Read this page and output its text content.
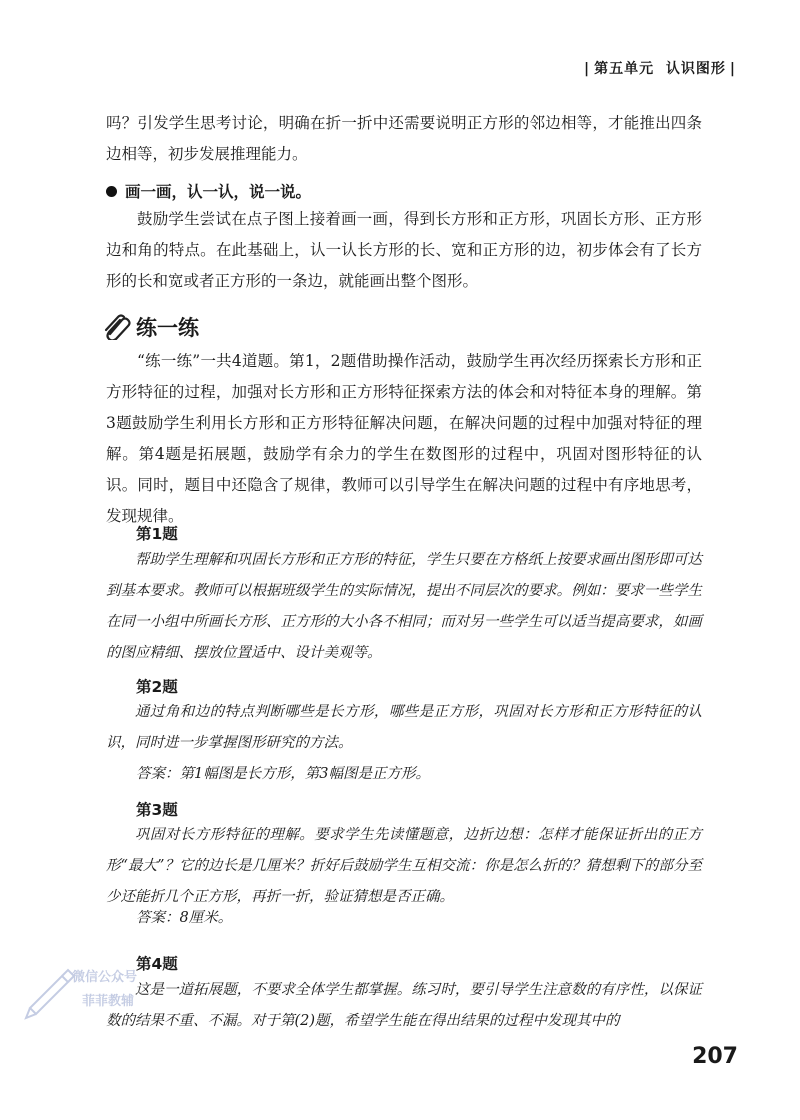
| 第五单元 认识图形 |
吗？引发学生思考讨论，明确在折一折中还需要说明正方形的邻边相等，才能推出四条边相等，初步发展推理能力。
画一画，认一认，说一说。
鼓励学生尝试在点子图上接着画一画，得到长方形和正方形，巩固长方形、正方形边和角的特点。在此基础上，认一认长方形的长、宽和正方形的边，初步体会有了长方形的长和宽或者正方形的一条边，就能画出整个图形。
练一练
“练一练”一共4道题。第1，2题借助操作活动，鼓励学生再次经历探索长方形和正方形特征的过程，加强对长方形和正方形特征探索方法的体会和对特征本身的理解。第3题鼓励学生利用长方形和正方形特征解决问题，在解决问题的过程中加强对特征的理解。第4题是拓展题，鼓励学有余力的学生在数图形的过程中，巩固对图形特征的认识。同时，题目中还隐含了规律，教师可以引导学生在解决问题的过程中有序地思考，发现规律。
第1题

帮助学生理解和巩固长方形和正方形的特征，学生只要在方格纸上按要求画出图形即可达到基本要求。教师可以根据班级学生的实际情况，提出不同层次的要求。例如：要求一些学生在同一小组中所画长方形、正方形的大小各不相同；而对另一些学生可以适当提高要求，如画的图应精细、摆放位置适中、设计美观等。

第2题

通过角和边的特点判断哪些是长方形，哪些是正方形，巩固对长方形和正方形特征的认识，同时进一步掌握图形研究的方法。

答案：第1幅图是长方形，第3幅图是正方形。
第3题

巩固对长方形特征的理解。要求学生先读懂题意，边折边想：怎样才能保证折出的正方形“最大”？它的边长是几厘米？折好后鼓励学生互相交流：你是怎么折的？猜想剩下的部分至少还能折几个正方形，再折一折，验证猜想是否正确。

答案：8厘米。
第4题

这是一道拓展题，不要求全体学生都掌握。练习时，要引导学生注意数的有序性，以保证数的结果不重、不漏。对于第(2)题，希望学生能在得出结果的过程中发现其中的

微信公众号
菲菲教辅
207
